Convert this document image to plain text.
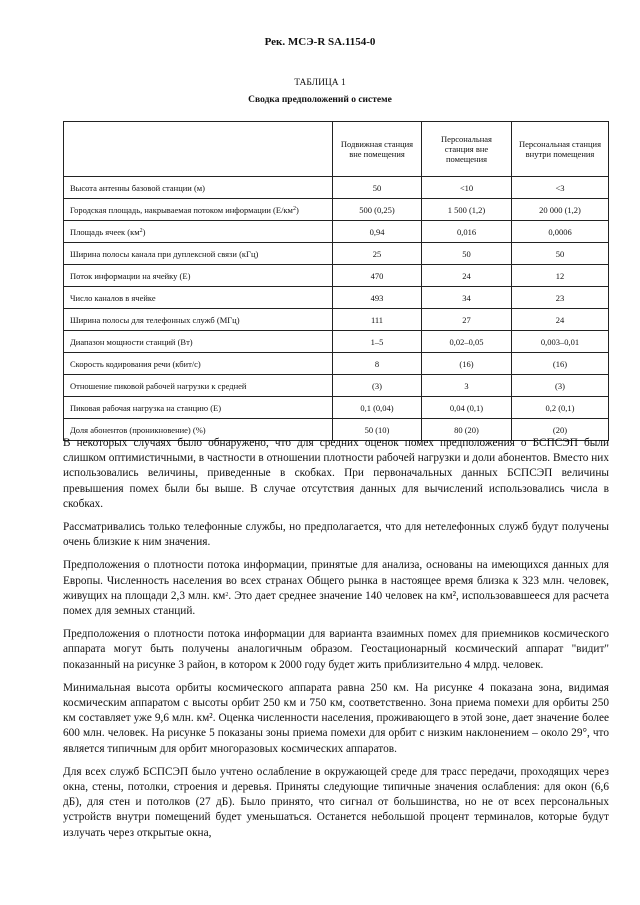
Рек. МСЭ-R SA.1154-0
ТАБЛИЦА 1
Сводка предположений о системе
	Подвижная станция вне помещения	Персональная станция вне помещения	Персональная станция внутри помещения
Высота антенны базовой станции (м)	50	<10	<3
Городская площадь, накрываемая потоком информации $(Е/км^2)$	500 (0,25)	1 500 (1,2)	20 000 (1,2)
Площадь ячеек $(км^2)$	0,94	0,016	0,0006
Ширина полосы канала при дуплексной связи (кГц)	25	50	50
Поток информации на ячейку (Е)	470	24	12
Число каналов в ячейке	493	34	23
Ширина полосы для телефонных служб (МГц)	111	27	24
Диапазон мощности станций (Вт)	1–5	0,02–0,05	0,003–0,01
Скорость кодирования речи (кбит/с)	8	(16)	(16)
Отношение пиковой рабочей нагрузки к средней	(3)	3	(3)
Пиковая рабочая нагрузка на станцию (Е)	0,1 (0,04)	0,04 (0,1)	0,2 (0,1)
Доля абонентов (проникновение) (%)	50 (10)	80 (20)	(20)

В некоторых случаях было обнаружено, что для средних оценок помех предположения о БСПСЭП были слишком оптимистичными, в частности в отношении плотности рабочей нагрузки и доли абонентов. Вместо них использовались величины, приведенные в скобках. При первоначальных данных БСПСЭП величины превышения помех были бы выше. В случае отсутствия данных для вычислений использовались числа в скобках.

Рассматривались только телефонные службы, но предполагается, что для нетелефонных служб будут получены очень близкие к ним значения.

Предположения о плотности потока информации, принятые для анализа, основаны на имеющихся данных для Европы. Численность населения во всех странах Общего рынка в настоящее время близка к 323 млн. человек, живущих на площади 2,3 млн. $км^2$. Это дает среднее значение 140 человек на км², использовавшееся для расчета помех для земных станций.

Предположения о плотности потока информации для варианта взаимных помех для приемников космического аппарата могут быть получены аналогичным образом. Геостационарный космический аппарат "видит" показанный на рисунке 3 район, в котором к 2000 году будет жить приблизительно 4 млрд. человек.

Минимальная высота орбиты космического аппарата равна 250 км. На рисунке 4 показана зона, видимая космическим аппаратом с высоты орбит 250 км и 750 км, соответственно. Зона приема помехи для орбиты 250 км составляет уже 9,6 млн. км². Оценка численности населения, проживающего в этой зоне, дает значение более 600 млн. человек. На рисунке 5 показаны зоны приема помехи для орбит с низким наклонением – около 29°, что является типичным для орбит многоразовых космических аппаратов.

Для всех служб БСПСЭП было учтено ослабление в окружающей среде для трасс передачи, проходящих через окна, стены, потолки, строения и деревья. Приняты следующие типичные значения ослабления: для окон (6,6 дБ), для стен и потолков (27 дБ). Было принято, что сигнал от большинства, но не от всех персональных устройств внутри помещений будет уменьшаться. Останется небольшой процент терминалов, которые будут излучать через открытые окна,
